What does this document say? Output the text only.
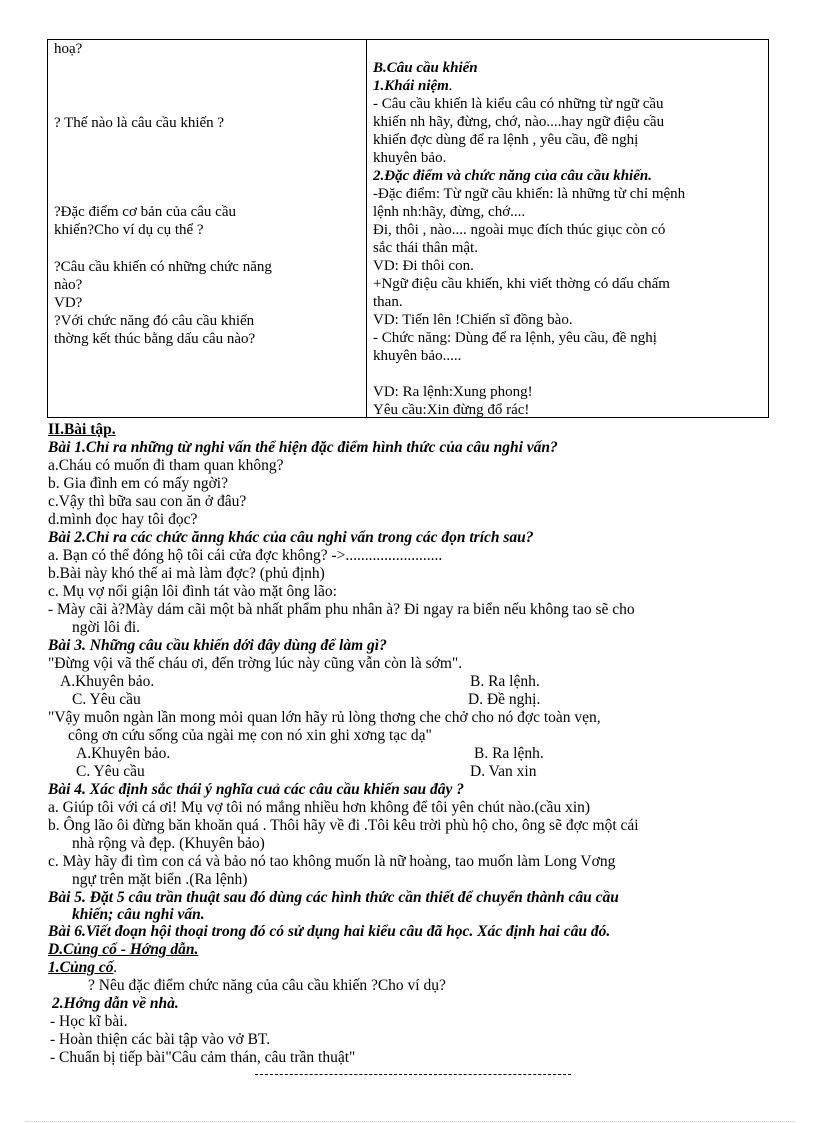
hoạ?
? Thế nào là câu cầu khiến ?
?Đặc điểm cơ bản của câu cầu
khiến?Cho ví dụ cụ thể ?
?Câu cầu khiến có những chức năng
nào?
VD?
?Với chức năng đó câu cầu khiến
thờng kết thúc bằng dấu câu nào?

B.Câu cầu khiến
1.Khái niệm.
- Câu cầu khiến là kiểu câu có những từ ngữ cầu
khiến nh hãy, đừng, chớ, nào....hay ngữ điệu cầu
khiến đợc dùng để ra lệnh , yêu cầu, đề nghị
khuyên bảo.
2.Đặc điểm và chức năng của câu cầu khiến.
-Đặc điểm: Từ ngữ cầu khiến: là những từ chỉ mệnh
lệnh nh:hãy, đừng, chớ....
Đi, thôi , nào.... ngoài mục đích thúc giục còn có
sắc thái thân mật.
VD: Đi thôi con.
+Ngữ điệu cầu khiến, khi viết thờng có dấu chấm
than.
VD: Tiến lên !Chiến sĩ đồng bào.
- Chức năng: Dùng để ra lệnh, yêu cầu, đề nghị
khuyên bảo.....
VD: Ra lệnh:Xung phong!
Yêu cầu:Xin đừng đổ rác!
II.Bài tập.
Bài 1.Chỉ ra những từ nghi vấn thể hiện đặc điểm hình thức của câu nghi vấn?
a.Cháu có muốn đi tham quan không?
b. Gia đình em có mấy ngời?
c.Vậy thì bữa sau con ăn ở đâu?
d.mình đọc hay tôi đọc?
Bài 2.Chỉ ra các chức ănng khác của câu nghi vấn trong các đọn trích sau?
a. Bạn có thể đóng hộ tôi cái cửa đợc không? ->.........................
b.Bài này khó thế ai mà làm đợc? (phủ định)
c. Mụ vợ nổi giận lôi đình tát vào mặt ông lão:
- Mày cãi à?Mày dám cãi một bà nhất phẩm phu nhân à? Đi ngay ra biển nếu không tao sẽ cho
ngời lôi đi.
Bài 3. Những câu cầu khiến dới đây dùng để làm gì?
"Đừng vội vã thế cháu ơi, đến trờng lúc này cũng vẫn còn là sớm".
A.Khuyên bảo.	B. Ra lệnh.
C. Yêu cầu	D. Đề nghị.
"Vậy muôn ngàn lần mong mỏi quan lớn hãy rủ lòng thơng che chở cho nó đợc toàn vẹn,
công ơn cứu sống của ngài mẹ con nó xin ghi xơng tạc dạ"
A.Khuyên bảo.	B. Ra lệnh.
C. Yêu cầu	D. Van xin
Bài 4. Xác định sắc thái ý nghĩa cuả các câu cầu khiến sau đây ?
a. Giúp tôi với cá ơi! Mụ vợ tôi nó mắng nhiều hơn không để tôi yên chút nào.(cầu xin)
b. Ông lão ôi đừng băn khoăn quá . Thôi hãy về đi .Tôi kêu trời phù hộ cho, ông sẽ đợc một cái
nhà rộng và đẹp. (Khuyên bảo)
c. Mày hãy đi tìm con cá và bảo nó tao không muốn là nữ hoàng, tao muốn làm Long Vơng
ngự trên mặt biển .(Ra lệnh)
Bài 5. Đặt 5 câu trần thuật sau đó dùng các hình thức cần thiết để chuyển thành câu cầu
khiến; câu nghi vấn.
Bài 6.Viết đoạn hội thoại trong đó có sử dụng hai kiểu câu đã học. Xác định hai câu đó.
D.Củng cố - Hớng dẫn.
1.Củng cố.
? Nêu đặc điểm chức năng của câu cầu khiến ?Cho ví dụ?
2.Hớng dẫn về nhà.
- Học kĩ bài.
- Hoàn thiện các bài tập vào vở BT.
- Chuẩn bị tiếp bài"Câu cảm thán, câu trần thuật"
